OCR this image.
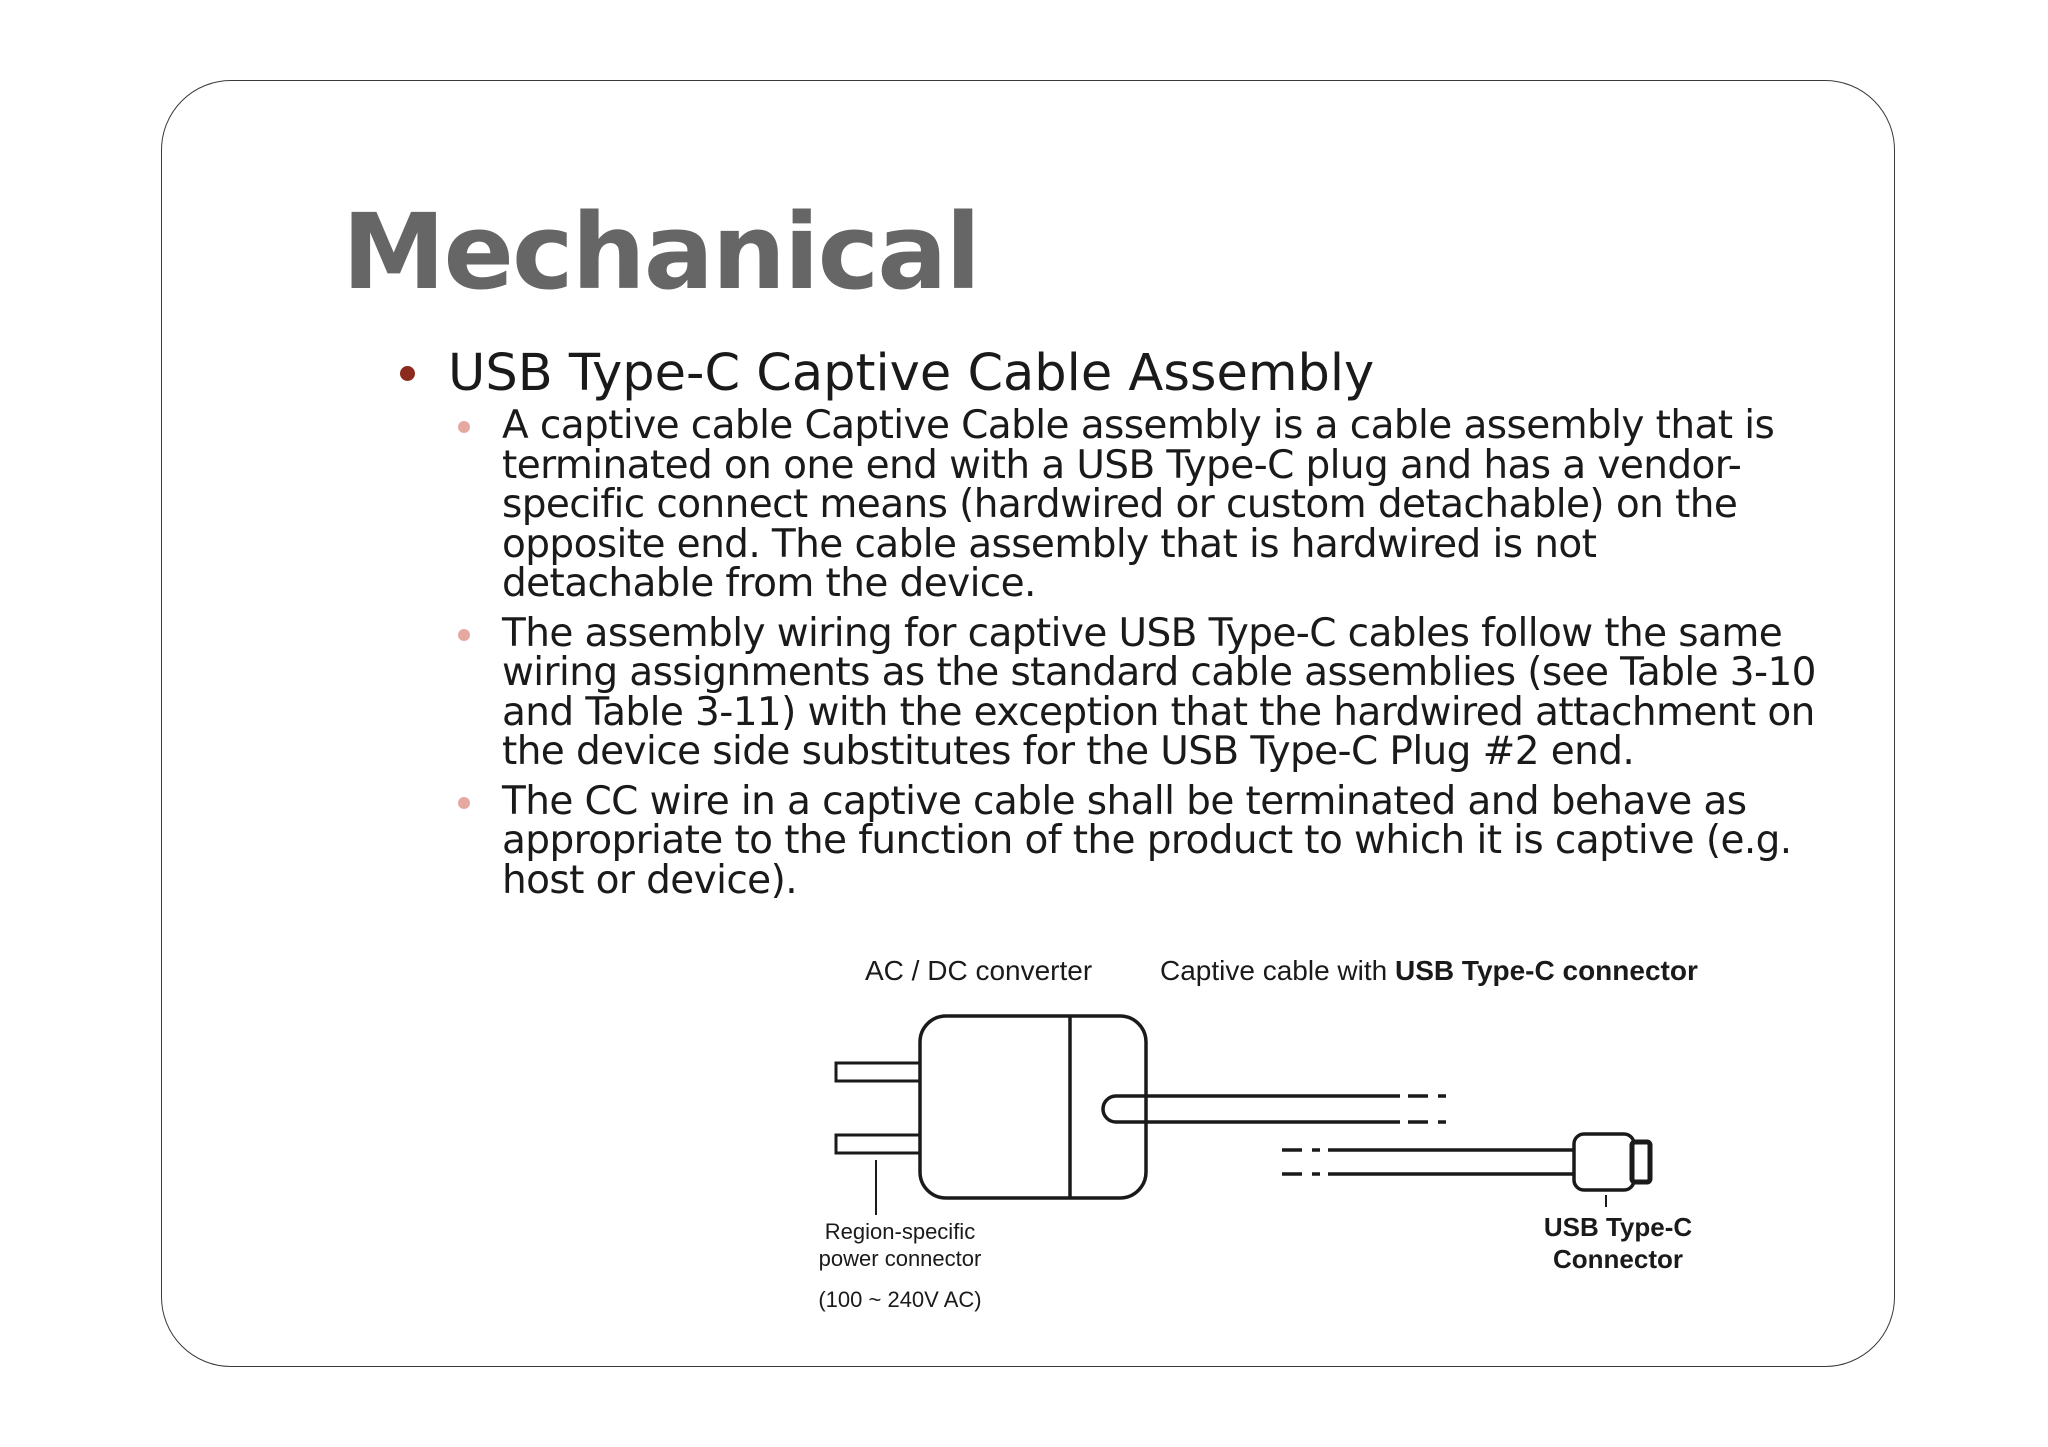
Mechanical
USB Type-C Captive Cable Assembly
A captive cable Captive Cable assembly is a cable assembly that is terminated on one end with a USB Type-C plug and has a vendor-specific connect means (hardwired or custom detachable) on the opposite end. The cable assembly that is hardwired is not detachable from the device.
The assembly wiring for captive USB Type-C cables follow the same wiring assignments as the standard cable assemblies (see Table 3-10 and Table 3-11) with the exception that the hardwired attachment on the device side substitutes for the USB Type-C Plug #2 end.
The CC wire in a captive cable shall be terminated and behave as appropriate to the function of the product to which it is captive (e.g. host or device).
AC / DC converter Captive cable with USB Type-C connector
Region-specific
power connector
(100 ~ 240V AC)
USB Type-C
Connector
